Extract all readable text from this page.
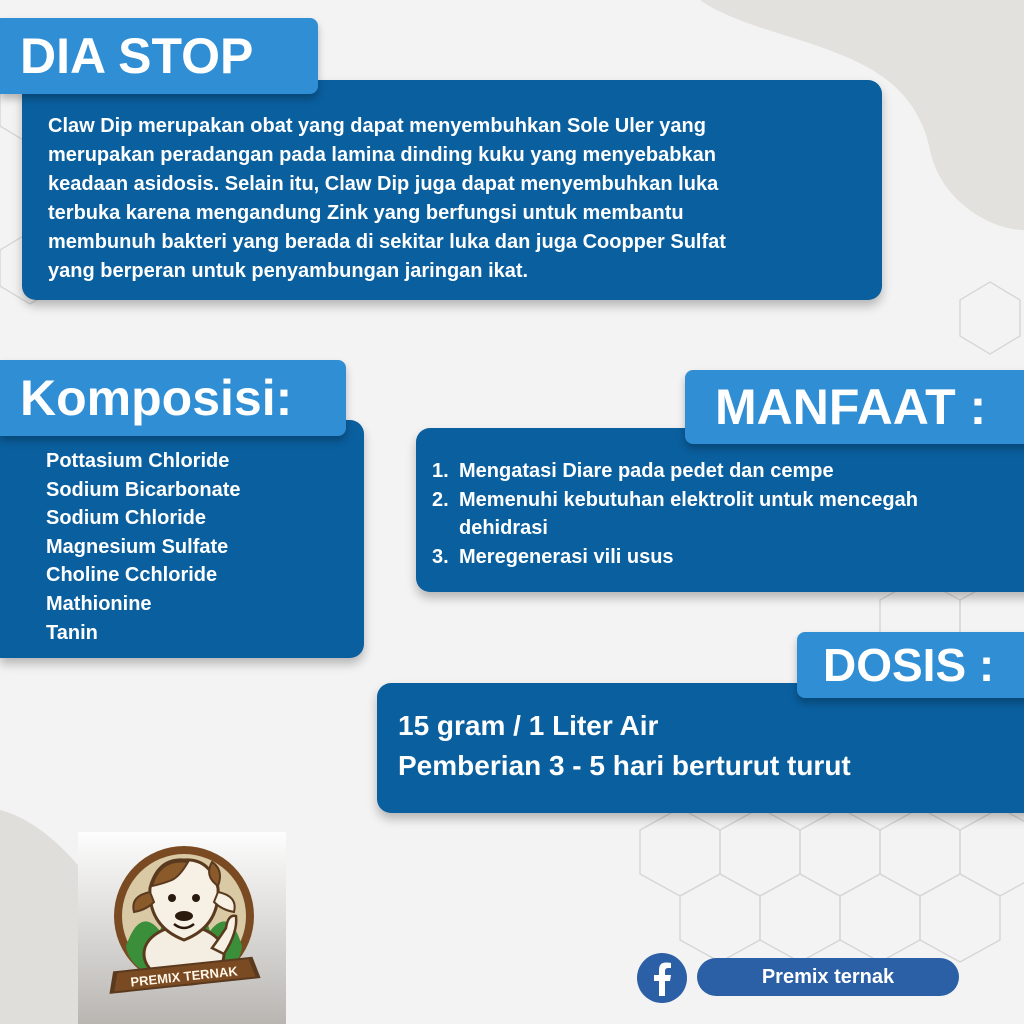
DIA STOP

Claw Dip merupakan obat yang dapat menyembuhkan Sole Uler yang
merupakan peradangan pada lamina dinding kuku yang menyebabkan
keadaan asidosis. Selain itu, Claw Dip juga dapat menyembuhkan luka
terbuka karena mengandung Zink yang berfungsi untuk membantu
membunuh bakteri yang berada di sekitar luka dan juga Coopper Sulfat
yang berperan untuk penyambungan jaringan ikat.

Komposisi:
Pottasium Chloride
Sodium Bicarbonate
Sodium Chloride
Magnesium Sulfate
Choline Cchloride
Mathionine
Tanin
MANFAAT :
1. Mengatasi Diare pada pedet dan cempe
2. Memenuhi kebutuhan elektrolit untuk mencegah
dehidrasi
3. Meregenerasi vili usus
DOSIS :
15 gram / 1 Liter Air
Pemberian 3 - 5 hari berturut turut
PREMIX TERNAK	Premix ternak
